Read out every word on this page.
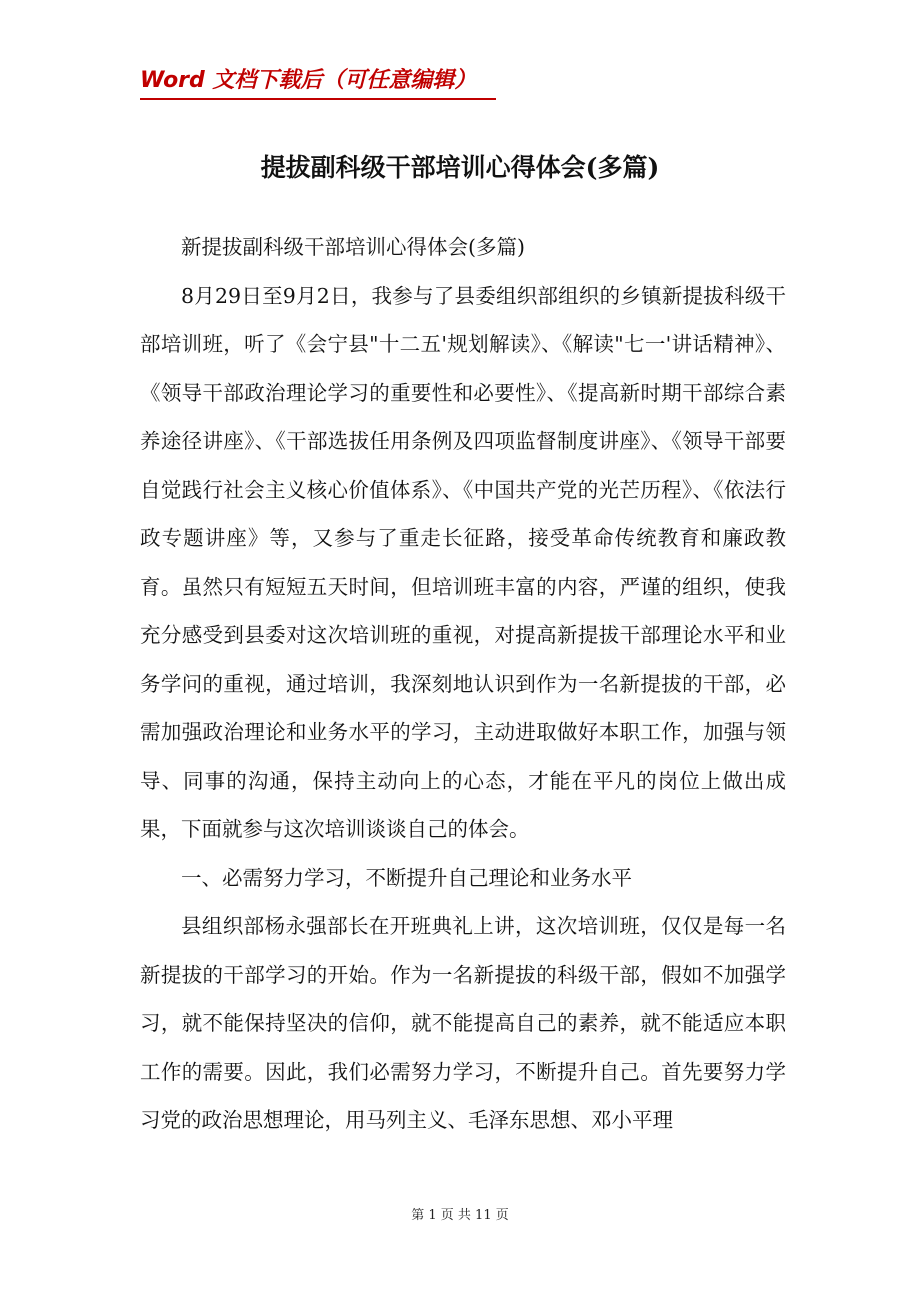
Word 文档下载后（可任意编辑）
提拔副科级干部培训心得体会(多篇)

新提拔副科级干部培训心得体会(多篇)

8月29日至9月2日，我参与了县委组织部组织的乡镇新提拔科级干部培训班，听了《会宁县"十二五'规划解读》、《解读"七一'讲话精神》、《领导干部政治理论学习的重要性和必要性》、《提高新时期干部综合素养途径讲座》、《干部选拔任用条例及四项监督制度讲座》、《领导干部要自觉践行社会主义核心价值体系》、《中国共产党的光芒历程》、《依法行政专题讲座》等，又参与了重走长征路，接受革命传统教育和廉政教育。虽然只有短短五天时间，但培训班丰富的内容，严谨的组织，使我充分感受到县委对这次培训班的重视，对提高新提拔干部理论水平和业务学问的重视，通过培训，我深刻地认识到作为一名新提拔的干部，必需加强政治理论和业务水平的学习，主动进取做好本职工作，加强与领导、同事的沟通，保持主动向上的心态，才能在平凡的岗位上做出成果，下面就参与这次培训谈谈自己的体会。

一、必需努力学习，不断提升自己理论和业务水平

县组织部杨永强部长在开班典礼上讲，这次培训班，仅仅是每一名新提拔的干部学习的开始。作为一名新提拔的科级干部，假如不加强学习，就不能保持坚决的信仰，就不能提高自己的素养，就不能适应本职工作的需要。因此，我们必需努力学习，不断提升自己。首先要努力学习党的政治思想理论，用马列主义、毛泽东思想、邓小平理

第 1 页 共 11 页
